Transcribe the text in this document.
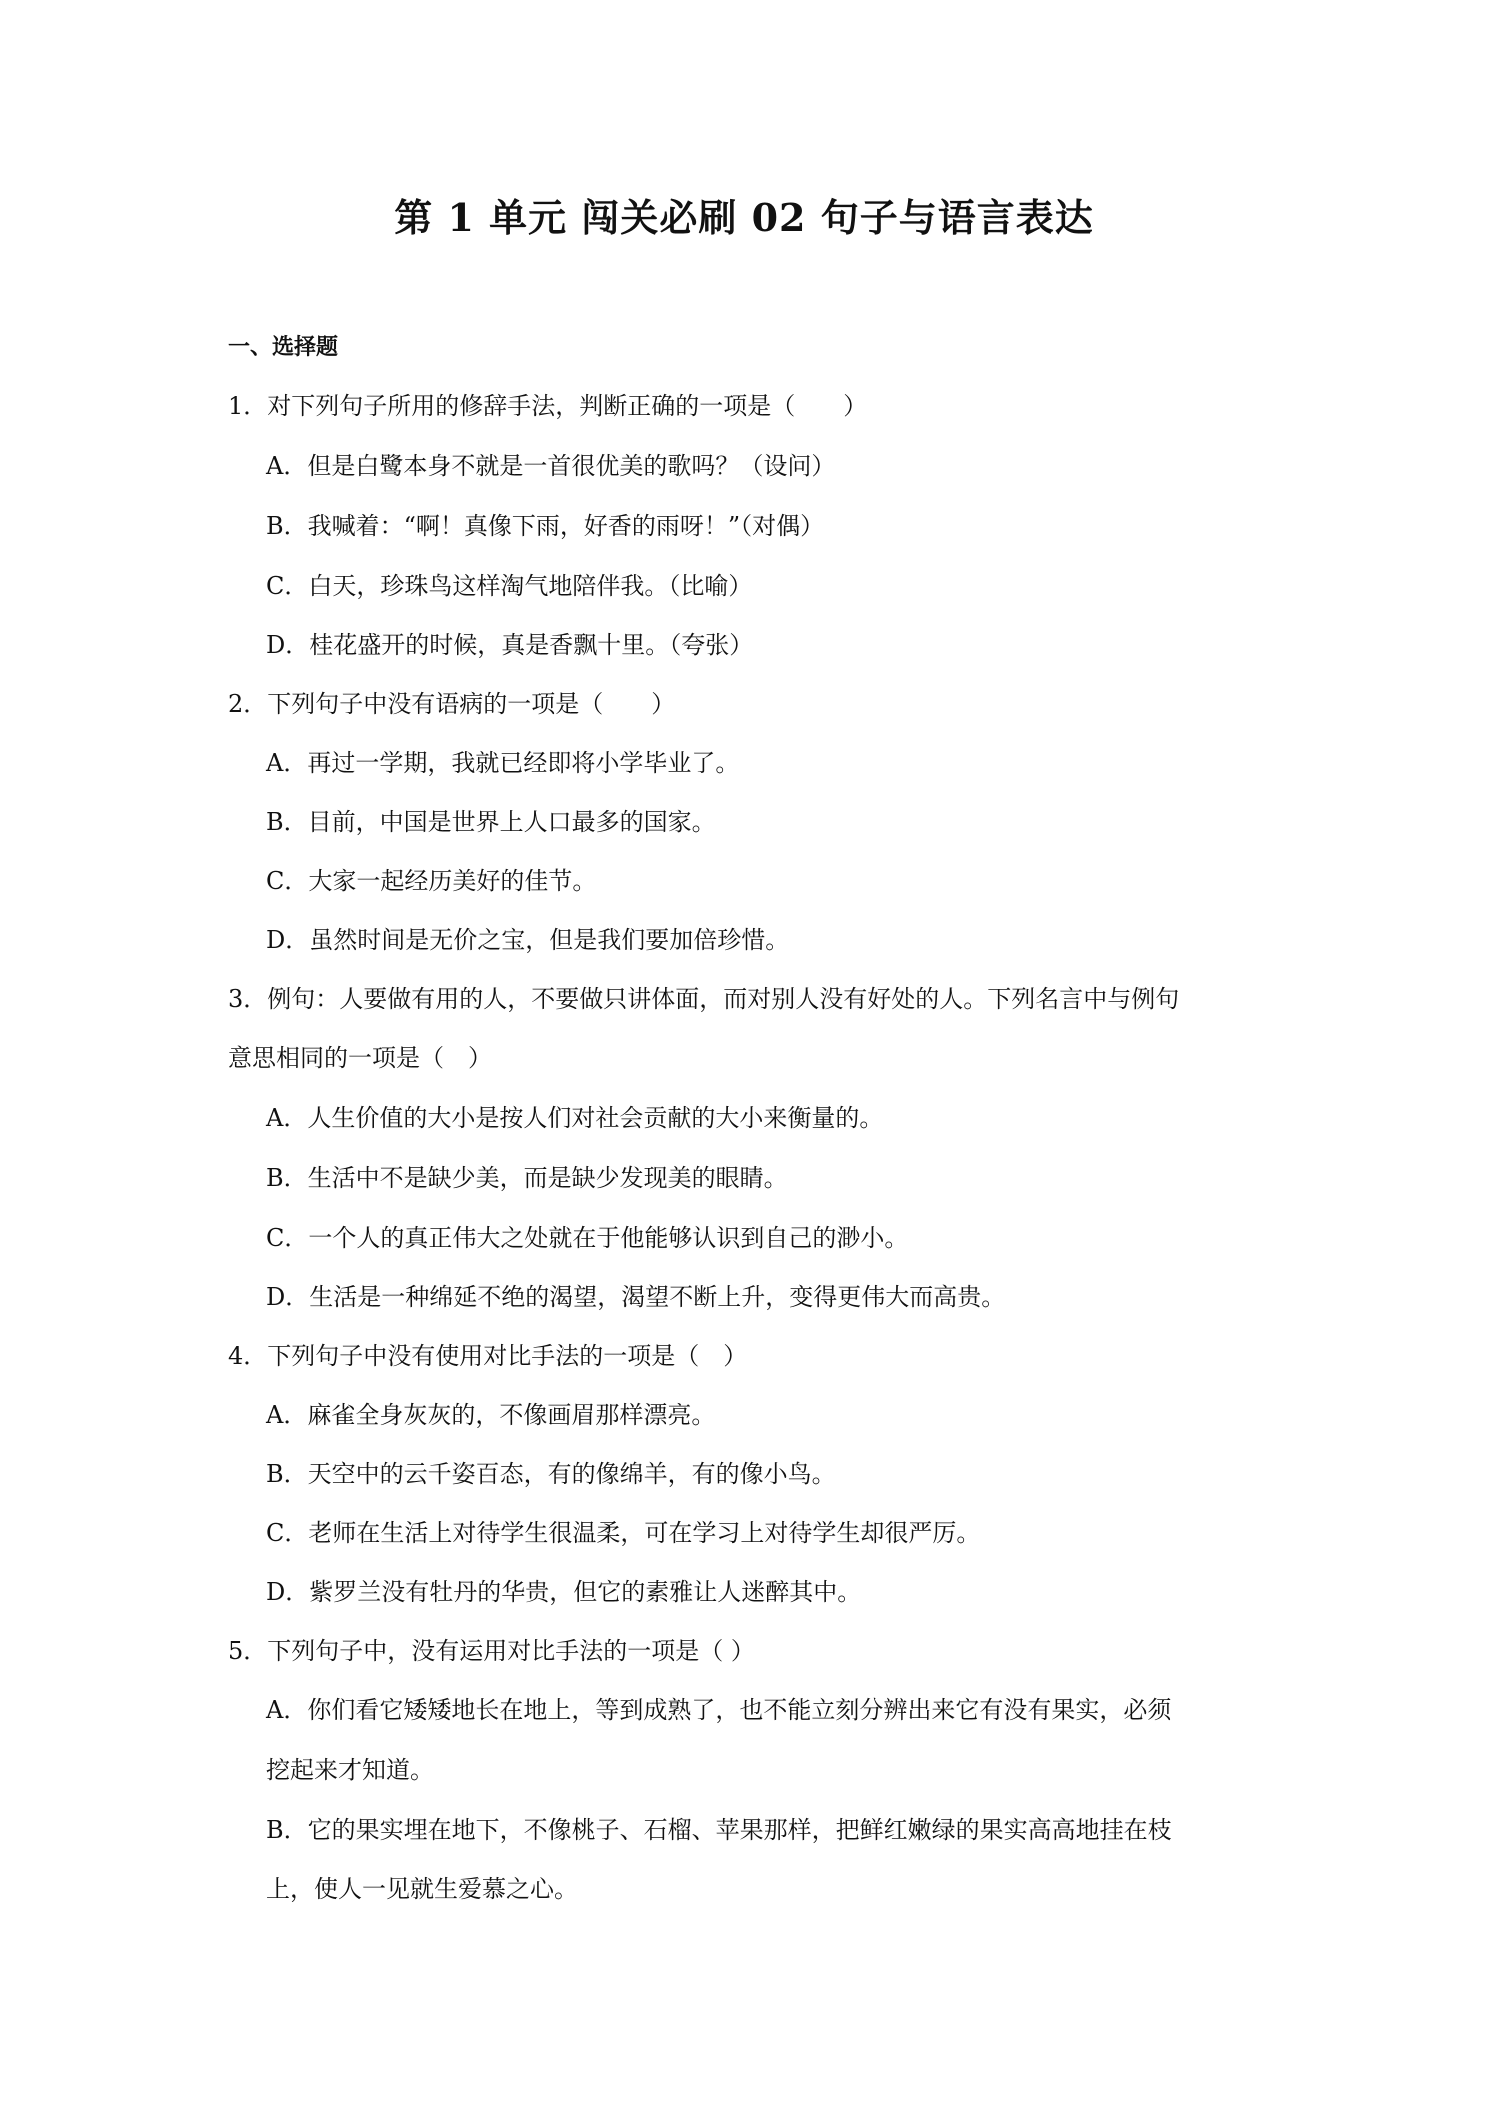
第 1 单元 闯关必刷 02 句子与语言表达
一、选择题
1．对下列句子所用的修辞手法，判断正确的一项是（　　）
A．但是白鹭本身不就是一首很优美的歌吗？（设问）
B．我喊着：“啊！真像下雨，好香的雨呀！”（对偶）
C．白天，珍珠鸟这样淘气地陪伴我。（比喻）
D．桂花盛开的时候，真是香飘十里。（夸张）
2．下列句子中没有语病的一项是（　　）
A．再过一学期，我就已经即将小学毕业了。
B．目前，中国是世界上人口最多的国家。
C．大家一起经历美好的佳节。
D．虽然时间是无价之宝，但是我们要加倍珍惜。
3．例句：人要做有用的人，不要做只讲体面，而对别人没有好处的人。下列名言中与例句
意思相同的一项是（　）
A．人生价值的大小是按人们对社会贡献的大小来衡量的。
B．生活中不是缺少美，而是缺少发现美的眼睛。
C．一个人的真正伟大之处就在于他能够认识到自己的渺小。
D．生活是一种绵延不绝的渴望，渴望不断上升，变得更伟大而高贵。
4．下列句子中没有使用对比手法的一项是（　）
A．麻雀全身灰灰的，不像画眉那样漂亮。
B．天空中的云千姿百态，有的像绵羊，有的像小鸟。
C．老师在生活上对待学生很温柔，可在学习上对待学生却很严厉。
D．紫罗兰没有牡丹的华贵，但它的素雅让人迷醉其中。
5．下列句子中，没有运用对比手法的一项是（ ）
A．你们看它矮矮地长在地上，等到成熟了，也不能立刻分辨出来它有没有果实，必须
挖起来才知道。
B．它的果实埋在地下，不像桃子、石榴、苹果那样，把鲜红嫩绿的果实高高地挂在枝
上，使人一见就生爱慕之心。
